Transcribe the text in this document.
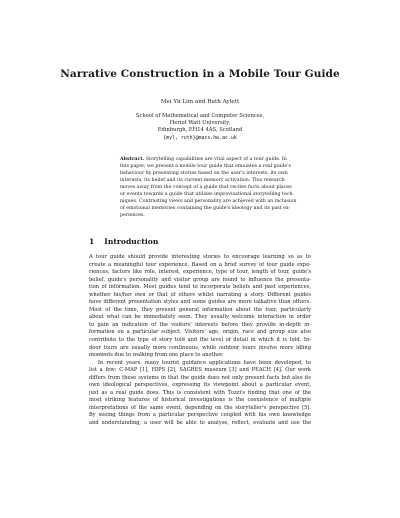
Narrative Construction in a Mobile Tour Guide
Mei Yii Lim and Ruth Aylett
School of Mathematical and Computer Sciences,
Heriot Watt University,
Edinburgh, EH14 4AS, Scotland
{myl, ruth}@macs.hw.ac.uk
Abstract. Storytelling capabilities are vital aspect of a tour guide. In
this paper, we present a mobile tour guide that emulates a real guide's
behaviour by presenting stories based on the user's interests, its own
interests, its belief and its current memory activation. This research
moves away from the concept of a guide that recites facts about places
or events towards a guide that utilizes improvisational storytelling tech-
niques. Contrasting views and personality are achieved with an inclusion
of emotional memories containing the guide's ideology and its past ex-
periences.
1 Introduction
A tour guide should provide interesting stories to encourage learning so as to
create a meaningful tour experience. Based on a brief survey of tour guide expe-
riences, factors like role, interest, experience, type of tour, length of tour, guide's
belief, guide's personality and visitor group are found to influence the presenta-
tion of information. Most guides tend to incorporate beliefs and past experiences,
whether his/her own or that of others whilst narrating a story. Different guides
have different presentation styles and some guides are more talkative than others.
Most of the time, they present general information about the tour, particularly
about what can be immediately seen. They usually welcome interaction in order
to gain an indication of the visitors' interests before they provide in-depth in-
formation on a particular subject. Visitors' age, origin, race and group size also
contribute to the type of story told and the level of detail in which it is told. In-
door tours are usually more continuous, while outdoor tours involve more idling
moments due to walking from one place to another.
In recent years, many tourist guidance applications have been developed, to
list a few: C-MAP [1], HIPS [2], SAGRES museum [3] and PEACH [4]. Our work
differs from these systems in that the guide does not only present facts but also its
own ideological perspectives, expressing its viewpoint about a particular event,
just as a real guide does. This is consistent with Tozzi's finding that one of the
most striking features of historical investigations is the coexistence of multiple
interpretations of the same event, depending on the storyteller's perspective [5].
By seeing things from a particular perspective coupled with his own knowledge
and understanding, a user will be able to analyse, reflect, evaluate and use the
